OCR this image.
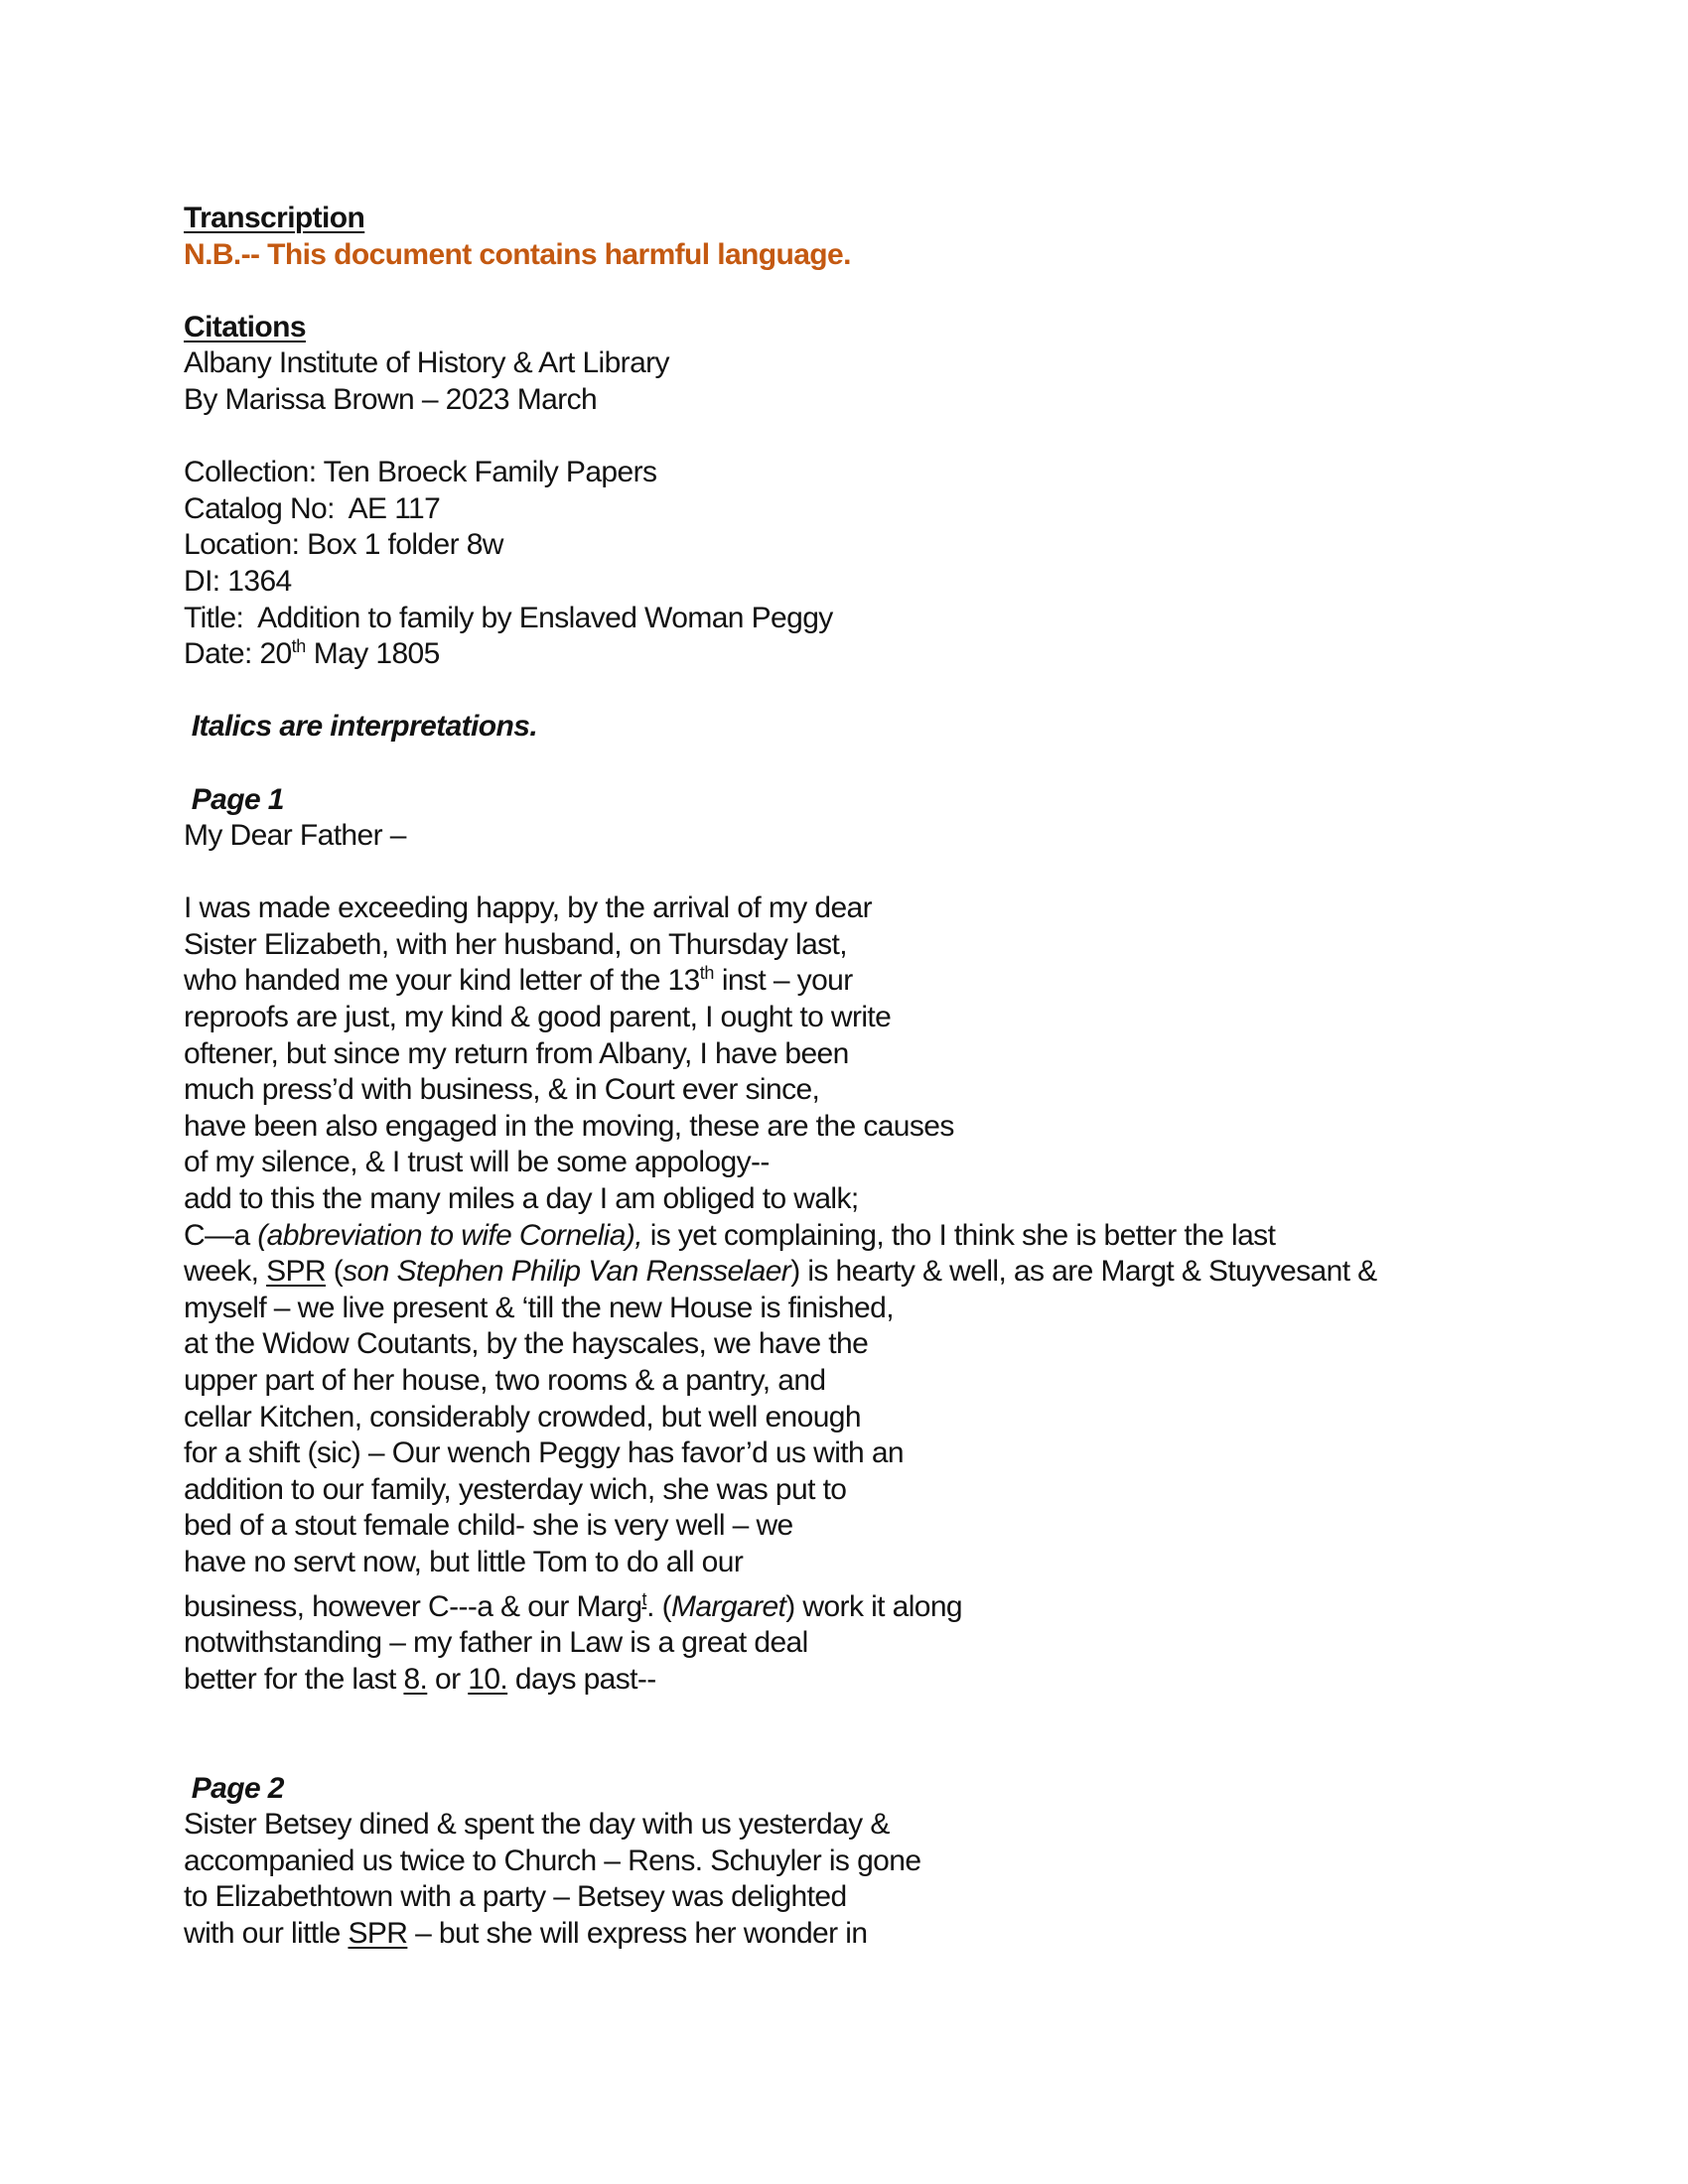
Transcription
N.B.-- This document contains harmful language.

Citations
Albany Institute of History & Art Library
By Marissa Brown – 2023 March

Collection: Ten Broeck Family Papers
Catalog No:  AE 117
Location: Box 1 folder 8w
DI: 1364
Title:  Addition to family by Enslaved Woman Peggy
Date: 20th May 1805

Italics are interpretations.

Page 1
My Dear Father –

I was made exceeding happy, by the arrival of my dear
Sister Elizabeth, with her husband, on Thursday last,
who handed me your kind letter of the 13th inst – your
reproofs are just, my kind & good parent, I ought to write
oftener, but since my return from Albany, I have been
much press’d with business, & in Court ever since,
have been also engaged in the moving, these are the causes
of my silence, & I trust will be some appology--
add to this the many miles a day I am obliged to walk;
C—a (abbreviation to wife Cornelia), is yet complaining, tho I think she is better the last
week, SPR (son Stephen Philip Van Rensselaer) is hearty & well, as are Margt & Stuyvesant &
myself – we live present & ‘till the new House is finished,
at the Widow Coutants, by the hayscales, we have the
upper part of her house, two rooms & a pantry, and
cellar Kitchen, considerably crowded, but well enough
for a shift (sic) – Our wench Peggy has favor’d us with an
addition to our family, yesterday wich, she was put to
bed of a stout female child- she is very well – we
have no servt now, but little Tom to do all our
business, however C---a & our Marg$^t$. (Margaret) work it along
notwithstanding – my father in Law is a great deal
better for the last 8. or 10. days past--

Page 2
Sister Betsey dined & spent the day with us yesterday &
accompanied us twice to Church – Rens. Schuyler is gone
to Elizabethtown with a party – Betsey was delighted
with our little SPR – but she will express her wonder in
